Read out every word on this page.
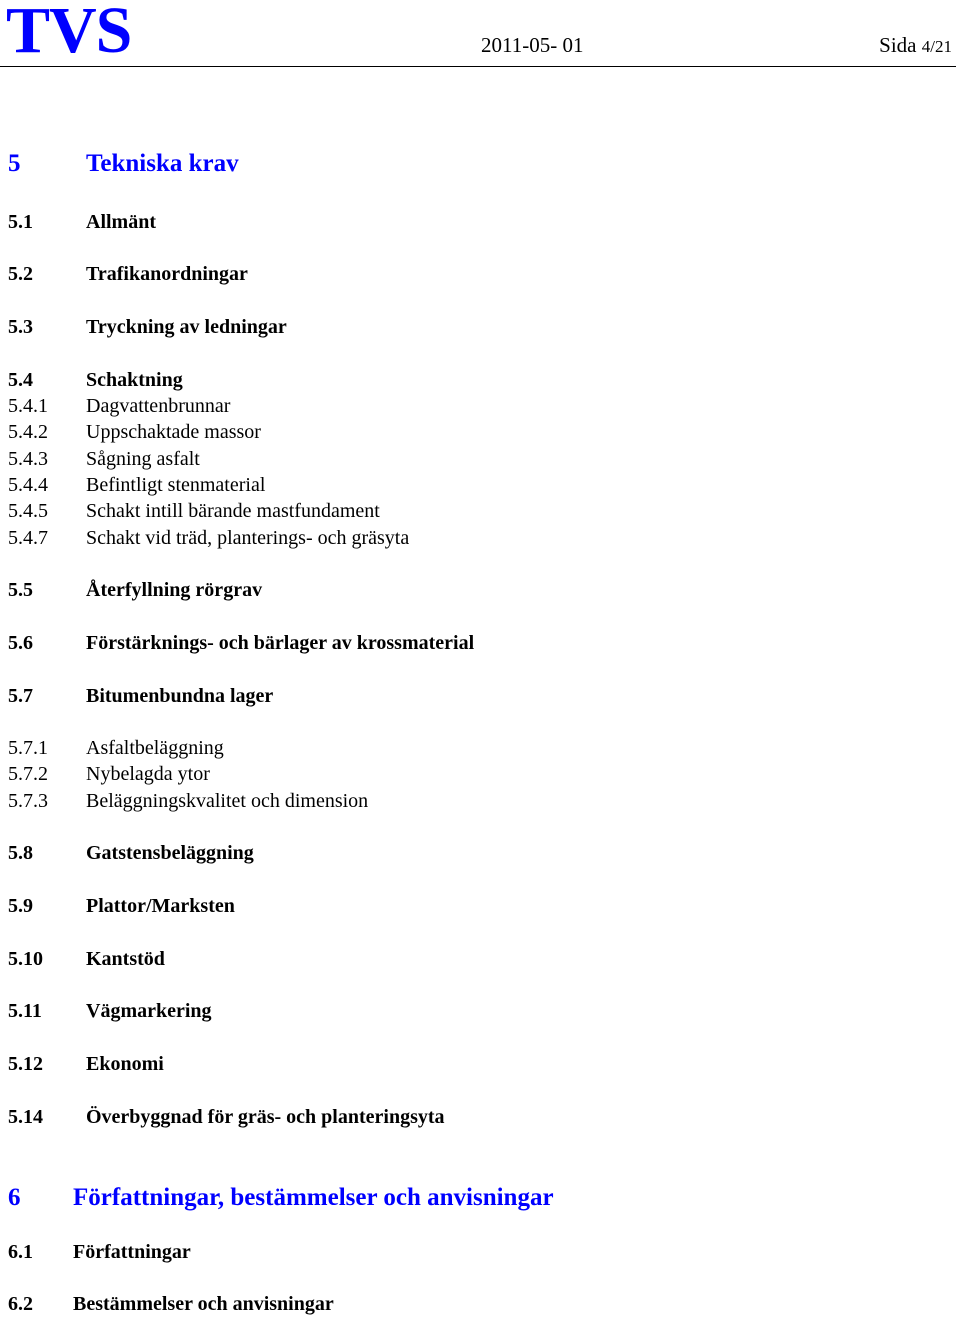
TVS	2011-05- 01	Sida 4/21
5	Tekniska krav
5.1	Allmänt
5.2	Trafikanordningar
5.3	Tryckning av ledningar
5.4	Schaktning
5.4.1 Dagvattenbrunnar
5.4.2 Uppschaktade massor
5.4.3 Sågning asfalt
5.4.4 Befintligt stenmaterial
5.4.5 Schakt intill bärande mastfundament
5.4.7 Schakt vid träd, planterings- och gräsyta
5.5	Återfyllning rörgrav
5.6	Förstärknings- och bärlager av krossmaterial
5.7	Bitumenbundna lager
5.7.1 Asfaltbeläggning
5.7.2 Nybelagda ytor
5.7.3 Beläggningskvalitet och dimension
5.8	Gatstensbeläggning
5.9	Plattor/Marksten
5.10 Kantstöd
5.11 Vägmarkering
5.12 Ekonomi
5.14 Överbyggnad för gräs- och planteringsyta
6 Författningar, bestämmelser och anvisningar
6.1 Författningar
6.2 Bestämmelser och anvisningar
